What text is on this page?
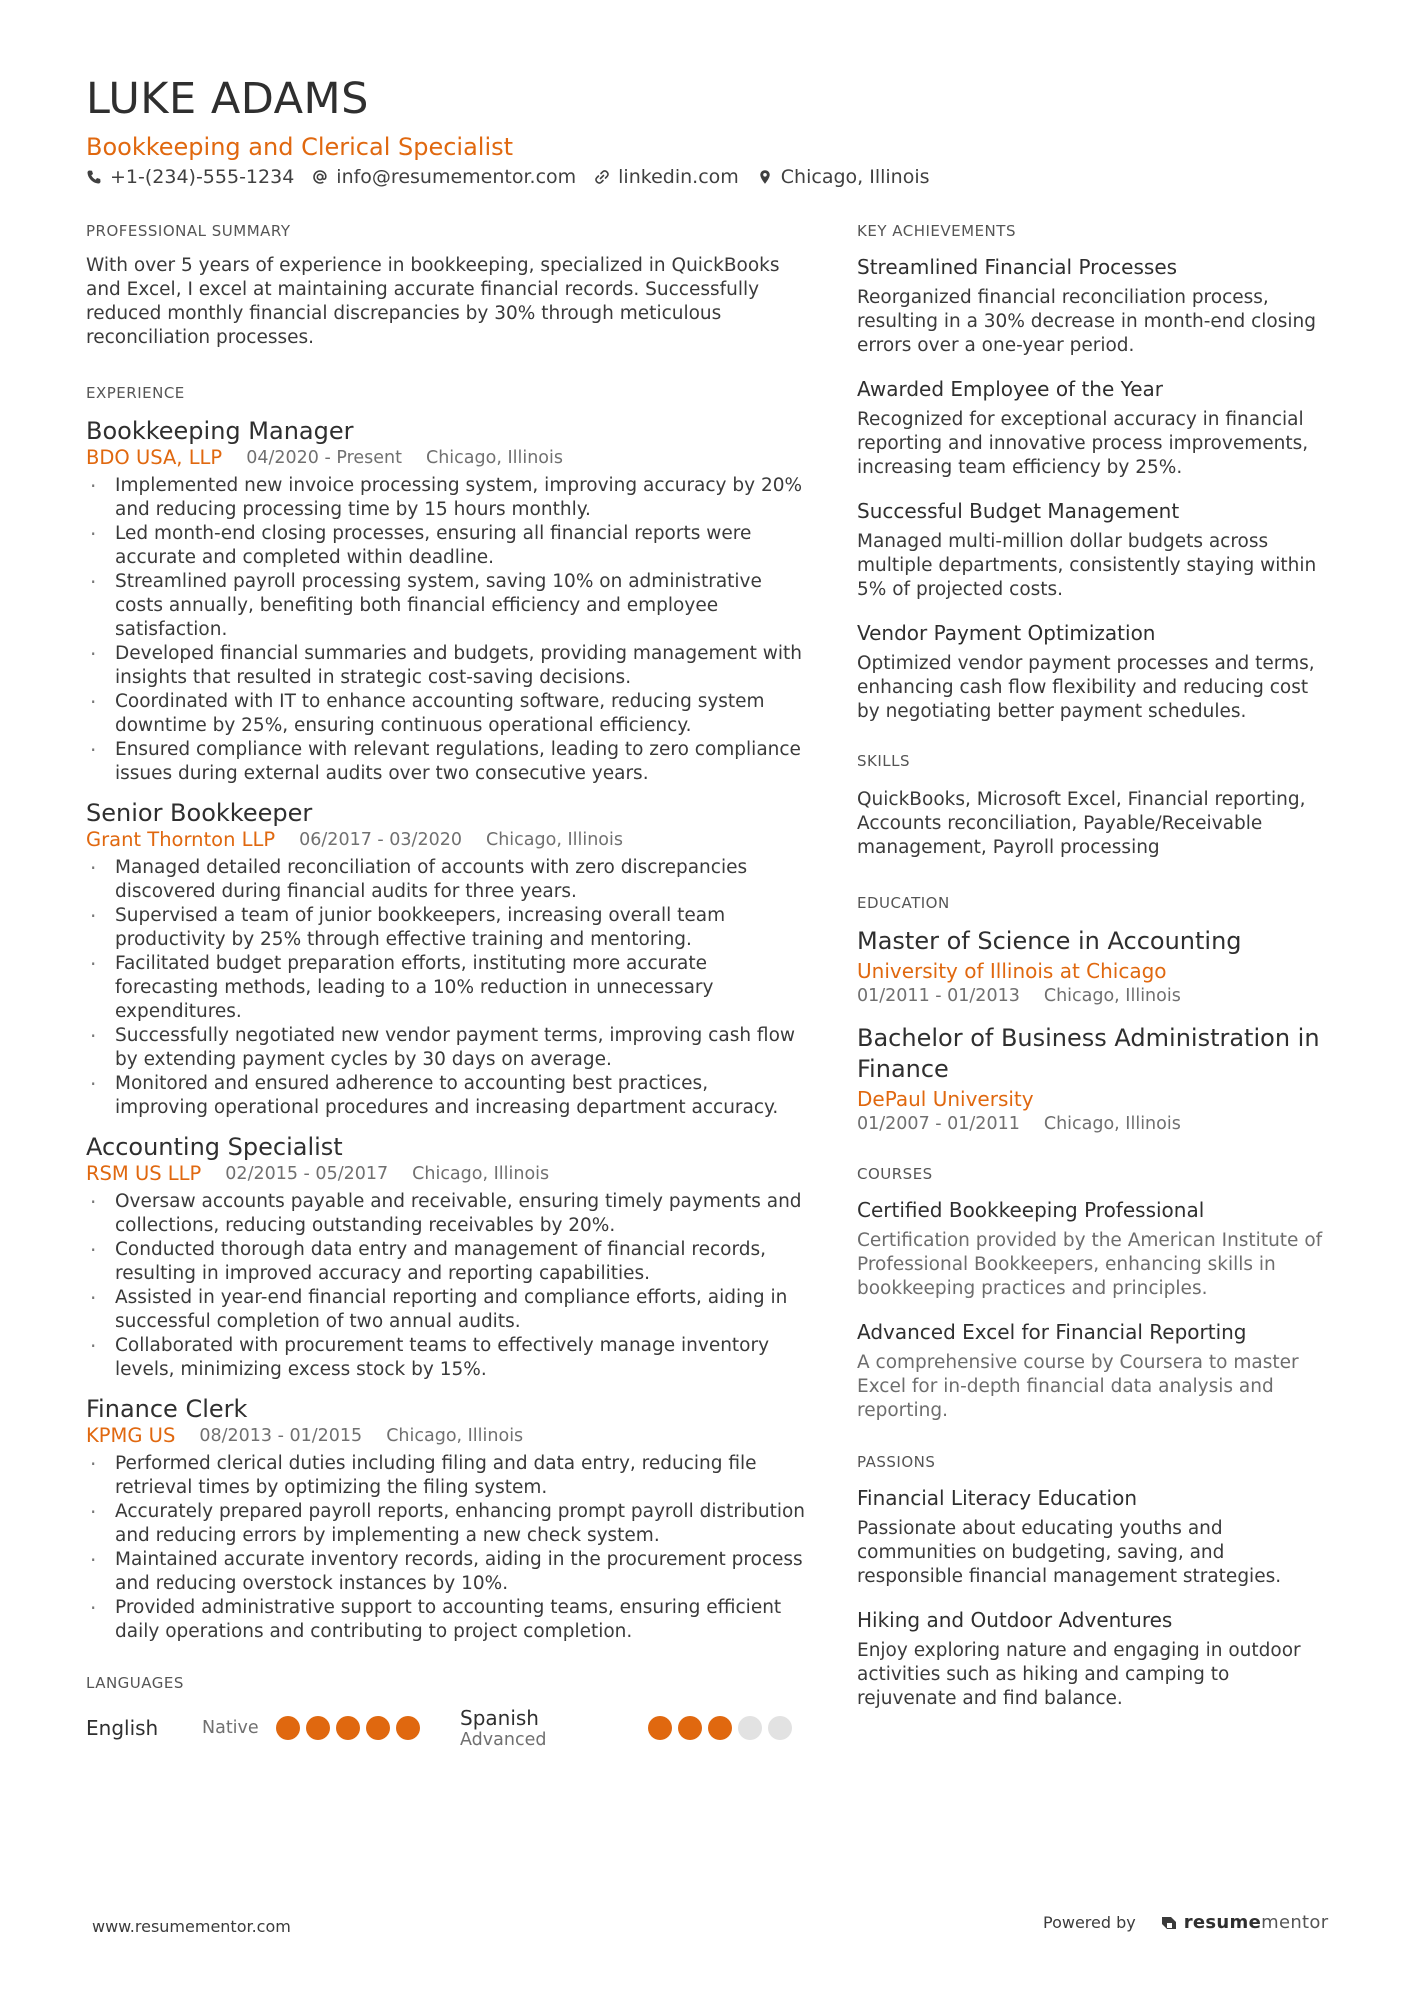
LUKE ADAMS
Bookkeeping and Clerical Specialist
+1-(234)-555-1234 info@resumementor.com linkedin.com Chicago, Illinois
PROFESSIONAL SUMMARY
With over 5 years of experience in bookkeeping, specialized in QuickBooks and Excel, I excel at maintaining accurate financial records. Successfully reduced monthly financial discrepancies by 30% through meticulous reconciliation processes.
EXPERIENCE
Bookkeeping Manager
BDO USA, LLP 04/2020 - Present Chicago, Illinois
· Implemented new invoice processing system, improving accuracy by 20% and reducing processing time by 15 hours monthly.
· Led month-end closing processes, ensuring all financial reports were accurate and completed within deadline.
· Streamlined payroll processing system, saving 10% on administrative costs annually, benefiting both financial efficiency and employee satisfaction.
· Developed financial summaries and budgets, providing management with insights that resulted in strategic cost-saving decisions.
· Coordinated with IT to enhance accounting software, reducing system downtime by 25%, ensuring continuous operational efficiency.
· Ensured compliance with relevant regulations, leading to zero compliance issues during external audits over two consecutive years.
Senior Bookkeeper
Grant Thornton LLP 06/2017 - 03/2020 Chicago, Illinois
· Managed detailed reconciliation of accounts with zero discrepancies discovered during financial audits for three years.
· Supervised a team of junior bookkeepers, increasing overall team productivity by 25% through effective training and mentoring.
· Facilitated budget preparation efforts, instituting more accurate forecasting methods, leading to a 10% reduction in unnecessary expenditures.
· Successfully negotiated new vendor payment terms, improving cash flow by extending payment cycles by 30 days on average.
· Monitored and ensured adherence to accounting best practices, improving operational procedures and increasing department accuracy.
Accounting Specialist
RSM US LLP 02/2015 - 05/2017 Chicago, Illinois
· Oversaw accounts payable and receivable, ensuring timely payments and collections, reducing outstanding receivables by 20%.
· Conducted thorough data entry and management of financial records, resulting in improved accuracy and reporting capabilities.
· Assisted in year-end financial reporting and compliance efforts, aiding in successful completion of two annual audits.
· Collaborated with procurement teams to effectively manage inventory levels, minimizing excess stock by 15%.
Finance Clerk
KPMG US 08/2013 - 01/2015 Chicago, Illinois
· Performed clerical duties including filing and data entry, reducing file retrieval times by optimizing the filing system.
· Accurately prepared payroll reports, enhancing prompt payroll distribution and reducing errors by implementing a new check system.
· Maintained accurate inventory records, aiding in the procurement process and reducing overstock instances by 10%.
· Provided administrative support to accounting teams, ensuring efficient daily operations and contributing to project completion.
LANGUAGES
English	Native	Spanish
Advanced
KEY ACHIEVEMENTS
Streamlined Financial Processes
Reorganized financial reconciliation process, resulting in a 30% decrease in month-end closing errors over a one-year period.
Awarded Employee of the Year
Recognized for exceptional accuracy in financial reporting and innovative process improvements, increasing team efficiency by 25%.
Successful Budget Management
Managed multi-million dollar budgets across multiple departments, consistently staying within 5% of projected costs.
Vendor Payment Optimization
Optimized vendor payment processes and terms, enhancing cash flow flexibility and reducing cost by negotiating better payment schedules.
SKILLS
QuickBooks, Microsoft Excel, Financial reporting, Accounts reconciliation, Payable/Receivable management, Payroll processing
EDUCATION
Master of Science in Accounting
University of Illinois at Chicago
01/2011 - 01/2013 Chicago, Illinois
Bachelor of Business Administration in Finance
DePaul University
01/2007 - 01/2011 Chicago, Illinois
COURSES
Certified Bookkeeping Professional
Certification provided by the American Institute of Professional Bookkeepers, enhancing skills in bookkeeping practices and principles.
Advanced Excel for Financial Reporting
A comprehensive course by Coursera to master Excel for in-depth financial data analysis and reporting.
PASSIONS
Financial Literacy Education
Passionate about educating youths and communities on budgeting, saving, and responsible financial management strategies.
Hiking and Outdoor Adventures
Enjoy exploring nature and engaging in outdoor activities such as hiking and camping to rejuvenate and find balance.
www.resumementor.com	Powered by	resumementor
